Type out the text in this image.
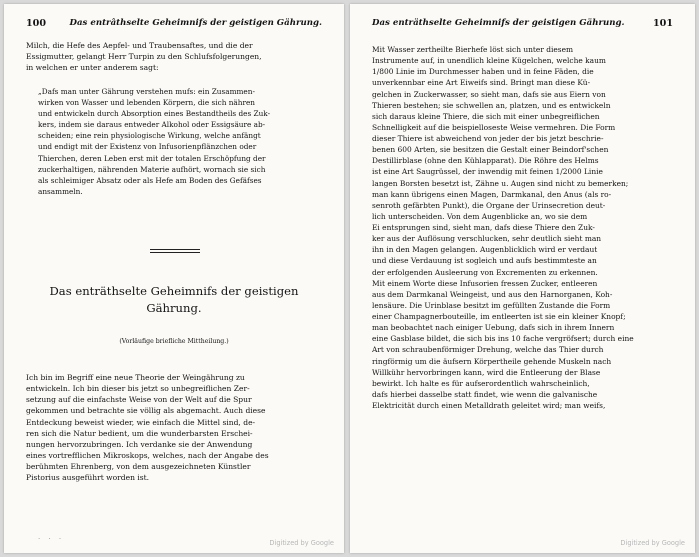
100	Das entrâthselte Geheimnifs der geistigen Gährung.
Milch, die Hefe des Aepfel- und Traubensaftes, und die der
Essigmutter, gelangt Herr Turpin zu den Schlufsfolgerungen,
in welchen er unter anderem sagt:
„Dafs man unter Gährung verstehen mufs: ein Zusammen-
wirken von Wasser und lebenden Körpern, die sich nähren
und entwickeln durch Absorption eines Bestandtheils des Zuk-
kers, indem sie daraus entweder Alkohol oder Essigsäure ab-
scheiden; eine rein physiologische Wirkung, welche anfängt
und endigt mit der Existenz von Infusorienpflänzchen oder
Thierchen, deren Leben erst mit der totalen Erschöpfung der
zuckerhaltigen, nährenden Materie aufhört, wornach sie sich
als schleimiger Absatz oder als Hefe am Boden des Gefäfses
ansammeln.
Das enträthselte Geheimnifs der geistigen
Gährung.
(Vorläufige briefliche Mittheilung.)
Ich bin im Begriff eine neue Theorie der Weingährung zu
entwickeln. Ich bin dieser bis jetzt so unbegreiflichen Zer-
setzung auf die einfachste Weise von der Welt auf die Spur
gekommen und betrachte sie völlig als abgemacht. Auch diese
Entdeckung beweist wieder, wie einfach die Mittel sind, de-
ren sich die Natur bedient, um die wunderbarsten Erschei-
nungen hervorzubringen. Ich verdanke sie der Anwendung
eines vortrefflichen Mikroskops, welches, nach der Angabe des
berühmten Ehrenberg, von dem ausgezeichneten Künstler
Pistorius ausgeführt worden ist.
· · ·	Digitized by Google
Das enträthselte Geheimnifs der geistigen Gährung.	101
Mit Wasser zertheilte Bierhefe löst sich unter diesem
Instrumente auf, in unendlich kleine Kügelchen, welche kaum
1/800 Linie im Durchmesser haben und in feine Fäden, die
unverkennbar eine Art Eiweifs sind. Bringt man diese Kü-
gelchen in Zuckerwasser, so sieht man, dafs sie aus Eiern von
Thieren bestehen; sie schwellen an, platzen, und es entwickeln
sich daraus kleine Thiere, die sich mit einer unbegreiflichen
Schnelligkeit auf die beispielloseste Weise vermehren. Die Form
dieser Thiere ist abweichend von jeder der bis jetzt beschrie-
benen 600 Arten, sie besitzen die Gestalt einer Beindorf'schen
Destillirblase (ohne den Kühlapparat). Die Röhre des Helms
ist eine Art Saugrüssel, der inwendig mit feinen 1/2000 Linie
langen Borsten besetzt ist, Zähne u. Augen sind nicht zu bemerken;
man kann übrigens einen Magen, Darmkanal, den Anus (als ro-
senroth gefärbten Punkt), die Organe der Urinsecretion deut-
lich unterscheiden. Von dem Augenblicke an, wo sie dem
Ei entsprungen sind, sieht man, dafs diese Thiere den Zuk-
ker aus der Auflösung verschlucken, sehr deutlich sieht man
ihn in den Magen gelangen. Augenblicklich wird er verdaut
und diese Verdauung ist sogleich und aufs bestimmteste an
der erfolgenden Ausleerung von Excrementen zu erkennen.
Mit einem Worte diese Infusorien fressen Zucker, entleeren
aus dem Darmkanal Weingeist, und aus den Harnorganen, Koh-
lensäure. Die Urinblase besitzt im gefüllten Zustande die Form
einer Champagnerbouteille, im entleerten ist sie ein kleiner Knopf;
man beobachtet nach einiger Uebung, dafs sich in ihrem Innern
eine Gasblase bildet, die sich bis ins 10 fache vergröfsert; durch eine
Art von schraubenförmiger Drehung, welche das Thier durch
ringförmig um die äufsern Körpertheile gehende Muskeln nach
Willkühr hervorbringen kann, wird die Entleerung der Blase
bewirkt. Ich halte es für aufserordentlich wahrscheinlich,
dafs hierbei dasselbe statt findet, wie wenn die galvanische
Elektricität durch einen Metalldrath geleitet wird; man weifs,
Digitized by Google
